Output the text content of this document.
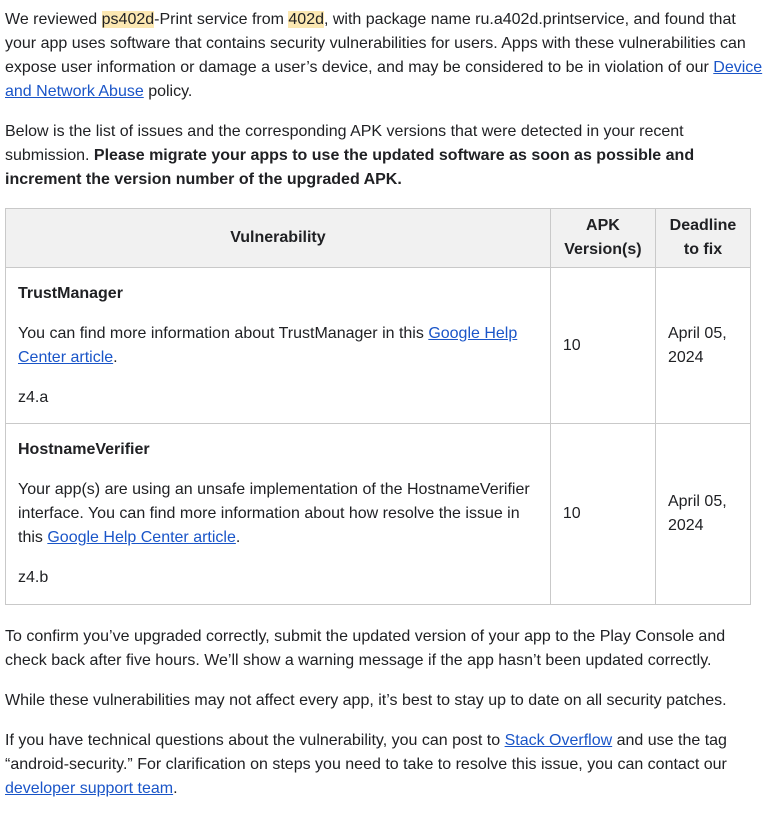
We reviewed ps402d-Print service from 402d, with package name ru.a402d.printservice, and found that your app uses software that contains security vulnerabilities for users. Apps with these vulnerabilities can expose user information or damage a user’s device, and may be considered to be in violation of our Device and Network Abuse policy.

Below is the list of issues and the corresponding APK versions that were detected in your recent submission. Please migrate your apps to use the updated software as soon as possible and increment the version number of the upgraded APK.

Vulnerability	APK Version(s)	Deadline to fix

TrustManager
You can find more information about TrustManager in this Google Help Center article.
z4.a	10	April 05, 2024

HostnameVerifier
Your app(s) are using an unsafe implementation of the HostnameVerifier interface. You can find more information about how resolve the issue in this Google Help Center article.
z4.b	10	April 05, 2024

To confirm you’ve upgraded correctly, submit the updated version of your app to the Play Console and check back after five hours. We’ll show a warning message if the app hasn’t been updated correctly.

While these vulnerabilities may not affect every app, it’s best to stay up to date on all security patches.

If you have technical questions about the vulnerability, you can post to Stack Overflow and use the tag “android-security.” For clarification on steps you need to take to resolve this issue, you can contact our developer support team.
